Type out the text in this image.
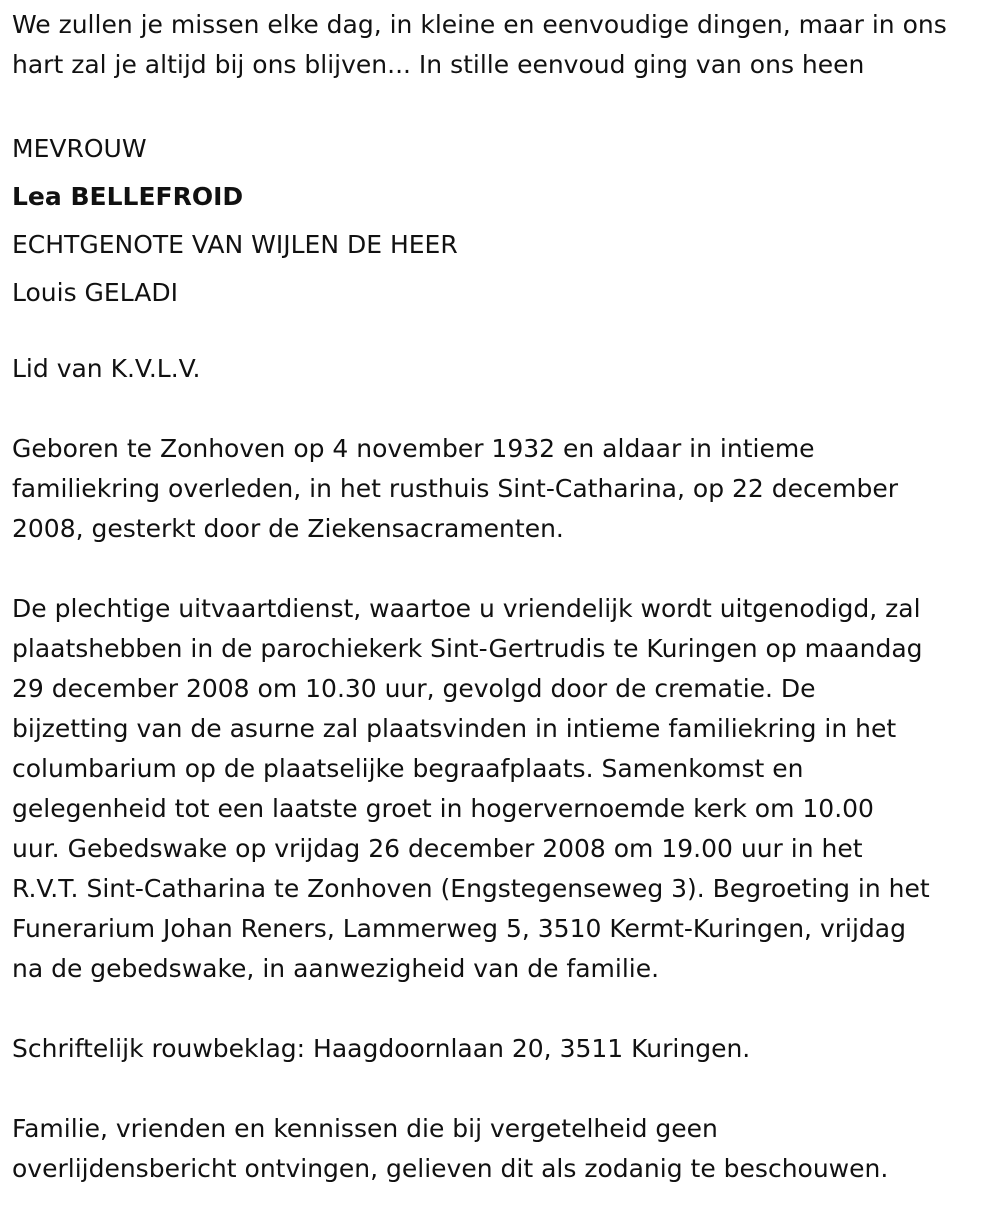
We zullen je missen elke dag, in kleine en eenvoudige dingen, maar in ons

hart zal je altijd bij ons blijven... In stille eenvoud ging van ons heen

MEVROUW

Lea BELLEFROID

ECHTGENOTE VAN WIJLEN DE HEER

Louis GELADI

Lid van K.V.L.V.

Geboren te Zonhoven op 4 november 1932 en aldaar in intieme

familiekring overleden, in het rusthuis Sint-Catharina, op 22 december

2008, gesterkt door de Ziekensacramenten.

De plechtige uitvaartdienst, waartoe u vriendelijk wordt uitgenodigd, zal

plaatshebben in de parochiekerk Sint-Gertrudis te Kuringen op maandag

29 december 2008 om 10.30 uur, gevolgd door de crematie. De

bijzetting van de asurne zal plaatsvinden in intieme familiekring in het

columbarium op de plaatselijke begraafplaats. Samenkomst en

gelegenheid tot een laatste groet in hogervernoemde kerk om 10.00

uur. Gebedswake op vrijdag 26 december 2008 om 19.00 uur in het

R.V.T. Sint-Catharina te Zonhoven (Engstegenseweg 3). Begroeting in het

Funerarium Johan Reners, Lammerweg 5, 3510 Kermt-Kuringen, vrijdag

na de gebedswake, in aanwezigheid van de familie.

Schriftelijk rouwbeklag: Haagdoornlaan 20, 3511 Kuringen.

Familie, vrienden en kennissen die bij vergetelheid geen

overlijdensbericht ontvingen, gelieven dit als zodanig te beschouwen.
